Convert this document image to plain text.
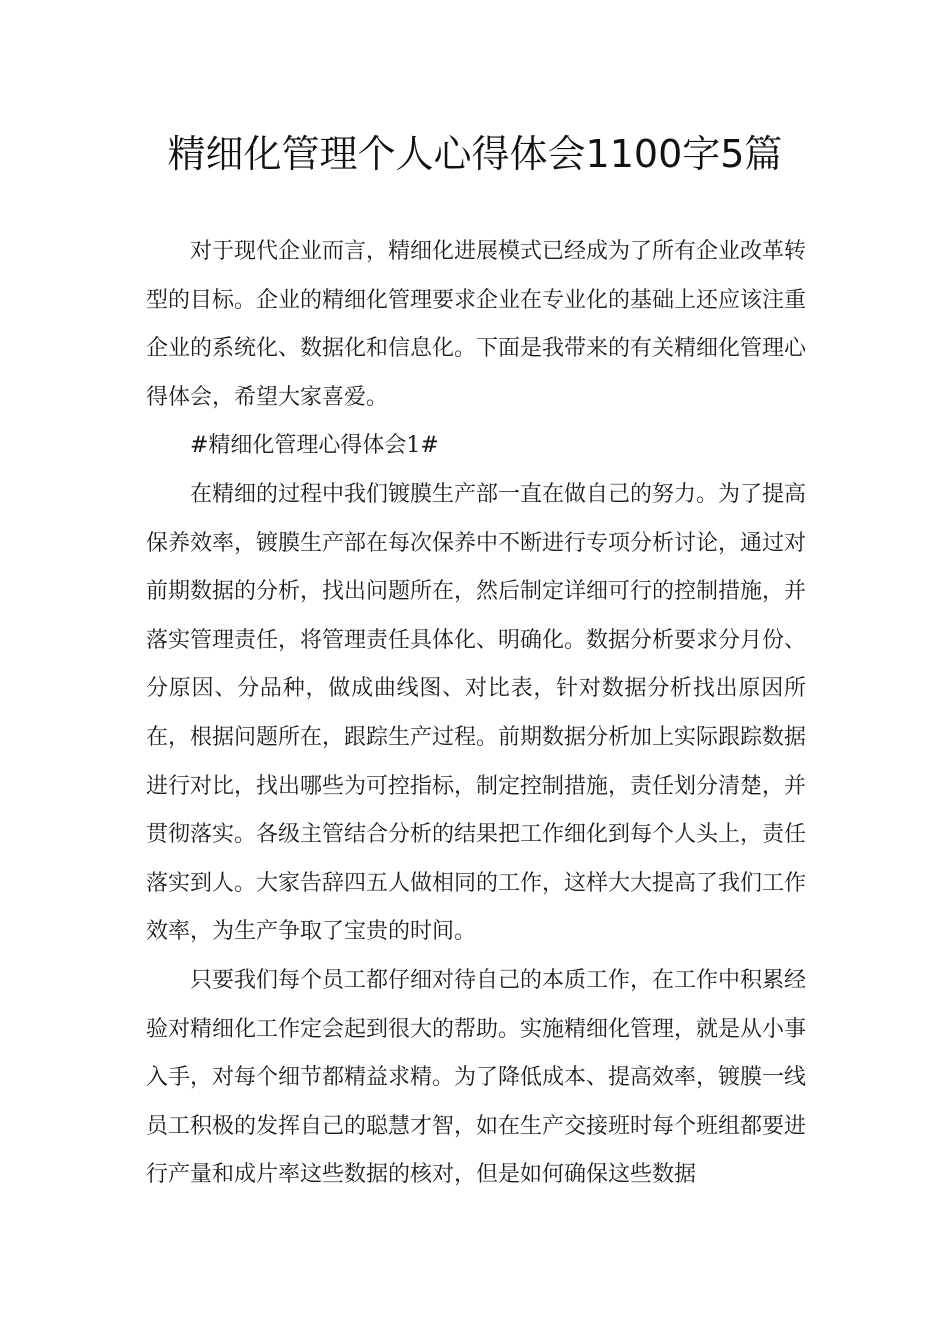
精细化管理个人心得体会1100字5篇

对于现代企业而言，精细化进展模式已经成为了所有企业改革转型的目标。企业的精细化管理要求企业在专业化的基础上还应该注重企业的系统化、数据化和信息化。下面是我带来的有关精细化管理心得体会，希望大家喜爱。

#精细化管理心得体会1#

在精细的过程中我们镀膜生产部一直在做自己的努力。为了提高保养效率，镀膜生产部在每次保养中不断进行专项分析讨论，通过对前期数据的分析，找出问题所在，然后制定详细可行的控制措施，并落实管理责任，将管理责任具体化、明确化。数据分析要求分月份、分原因、分品种，做成曲线图、对比表，针对数据分析找出原因所在，根据问题所在，跟踪生产过程。前期数据分析加上实际跟踪数据进行对比，找出哪些为可控指标，制定控制措施，责任划分清楚，并贯彻落实。各级主管结合分析的结果把工作细化到每个人头上，责任落实到人。大家告辞四五人做相同的工作，这样大大提高了我们工作效率，为生产争取了宝贵的时间。

只要我们每个员工都仔细对待自己的本质工作，在工作中积累经验对精细化工作定会起到很大的帮助。实施精细化管理，就是从小事入手，对每个细节都精益求精。为了降低成本、提高效率，镀膜一线员工积极的发挥自己的聪慧才智，如在生产交接班时每个班组都要进行产量和成片率这些数据的核对，但是如何确保这些数据
